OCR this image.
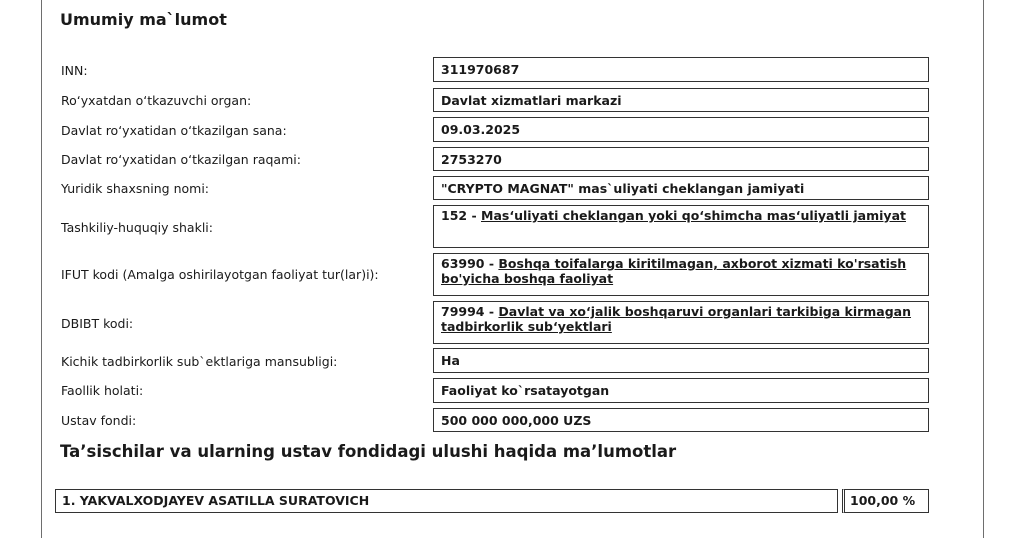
Umumiy ma`lumot
INN:	311970687
Ro‘yxatdan o‘tkazuvchi organ:	Davlat xizmatlari markazi
Davlat ro‘yxatidan o‘tkazilgan sana:	09.03.2025
Davlat ro‘yxatidan o‘tkazilgan raqami:	2753270
Yuridik shaxsning nomi:	"CRYPTO MAGNAT" mas`uliyati cheklangan jamiyati
Tashkiliy-huquqiy shakli:
152 - Mas‘uliyati cheklangan yoki qo‘shimcha mas‘uliyatli jamiyat
IFUT kodi (Amalga oshirilayotgan faoliyat tur(lar)i):
63990 - Boshqa toifalarga kiritilmagan, axborot xizmati ko'rsatish bo'yicha boshqa faoliyat
DBIBT kodi:
79994 - Davlat va xo‘jalik boshqaruvi organlari tarkibiga kirmagan tadbirkorlik sub‘yektlari
Kichik tadbirkorlik sub`ektlariga mansubligi:	Ha
Faollik holati:	Faoliyat ko`rsatayotgan
Ustav fondi:	500 000 000,000 UZS
Ta’sischilar va ularning ustav fondidagi ulushi haqida ma’lumotlar
1. YAKVALXODJAYEV ASATILLA SURATOVICH	100,00 %
